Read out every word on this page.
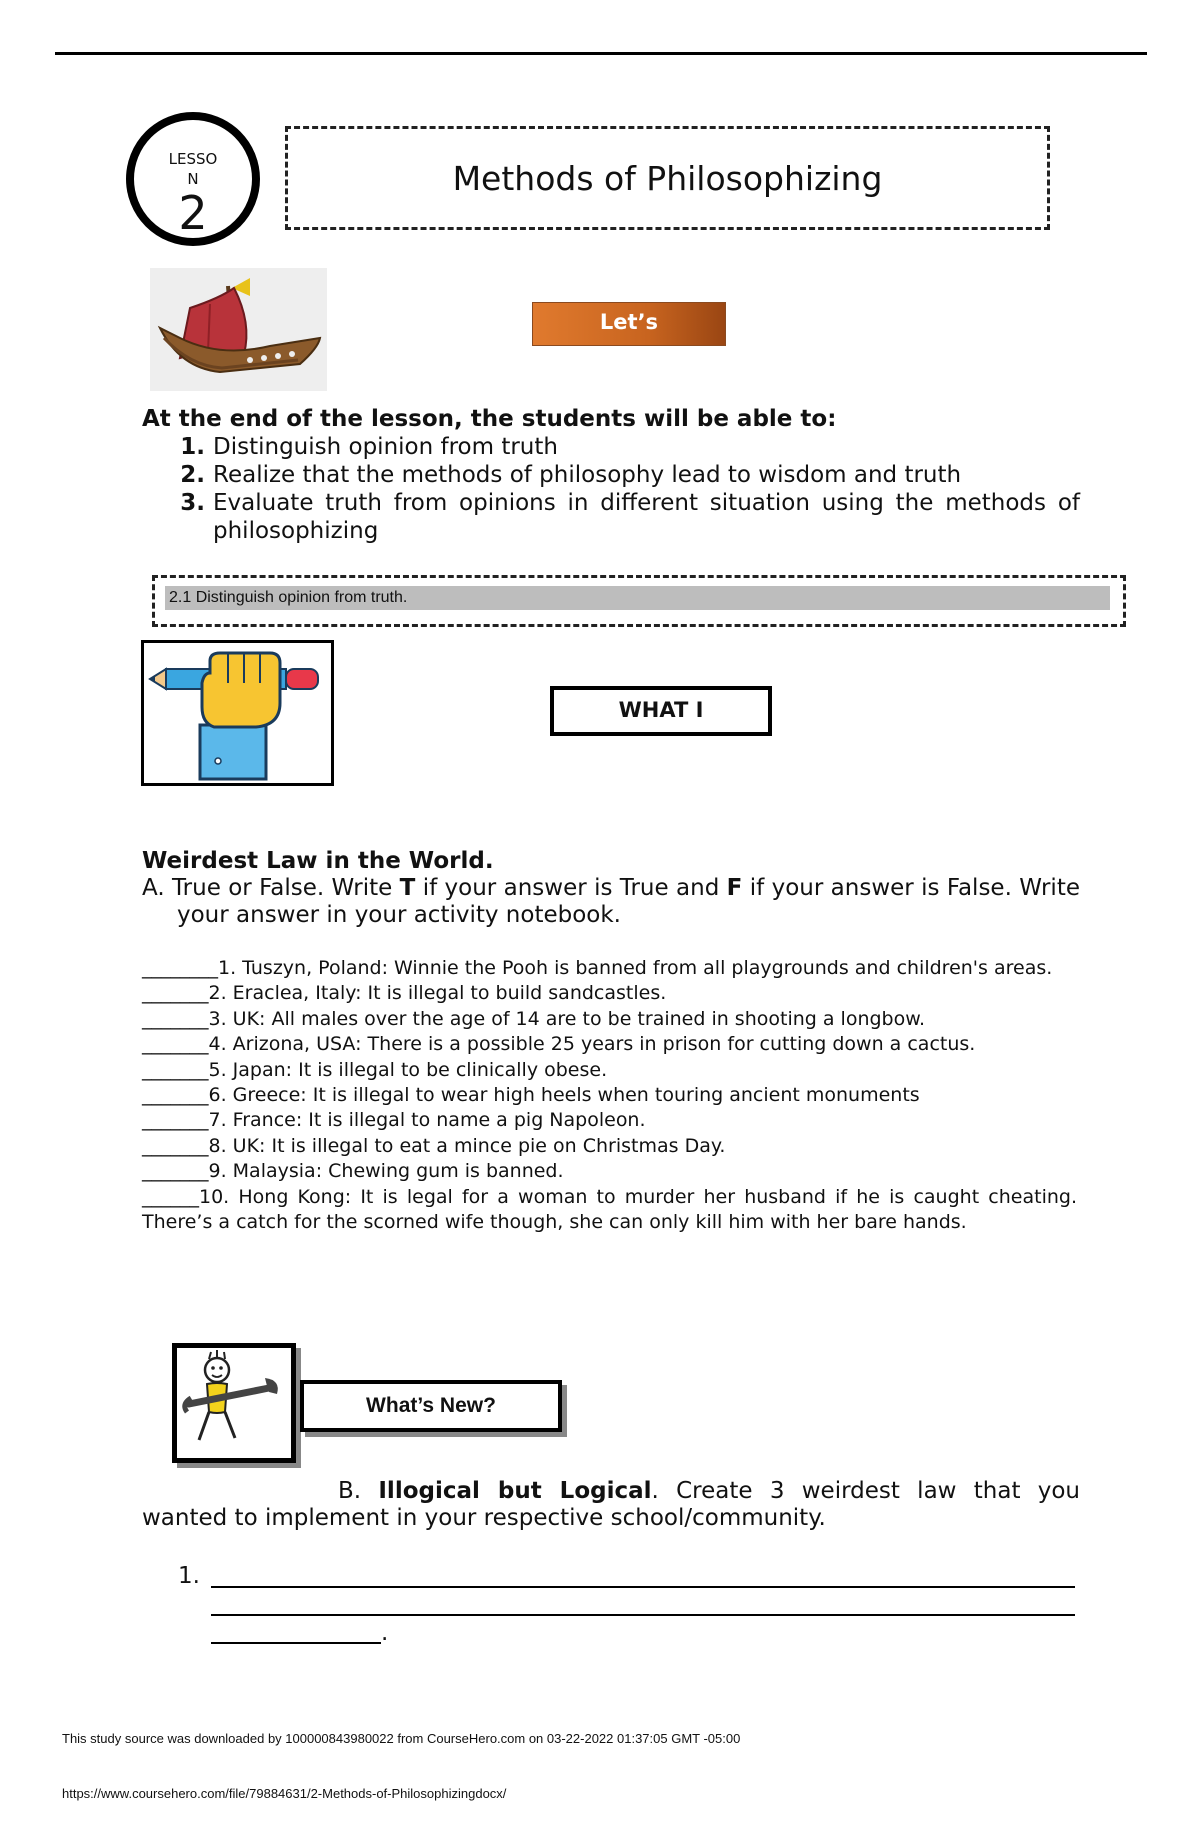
LESSO
N
2
Methods of Philosophizing
Let’s
At the end of the lesson, the students will be able to:
1. Distinguish opinion from truth
2. Realize that the methods of philosophy lead to wisdom and truth
3. Evaluate truth from opinions in different situation using the methods of philosophizing
2.1 Distinguish opinion from truth.
WHAT I
Weirdest Law in the World.
A. True or False. Write T if your answer is True and F if your answer is False. Write your answer in your activity notebook.
________1. Tuszyn, Poland: Winnie the Pooh is banned from all playgrounds and children's areas.
_______2. Eraclea, Italy: It is illegal to build sandcastles.
_______3. UK: All males over the age of 14 are to be trained in shooting a longbow.
_______4. Arizona, USA: There is a possible 25 years in prison for cutting down a cactus.
_______5. Japan: It is illegal to be clinically obese.
_______6. Greece: It is illegal to wear high heels when touring ancient monuments
_______7. France: It is illegal to name a pig Napoleon.
_______8. UK: It is illegal to eat a mince pie on Christmas Day.
_______9. Malaysia: Chewing gum is banned.
______10. Hong Kong: It is legal for a woman to murder her husband if he is caught cheating. There’s a catch for the scorned wife though, she can only kill him with her bare hands.
What’s New?
B. Illogical but Logical. Create 3 weirdest law that you wanted to implement in your respective school/community.
1.
.
This study source was downloaded by 100000843980022 from CourseHero.com on 03-22-2022 01:37:05 GMT -05:00
https://www.coursehero.com/file/79884631/2-Methods-of-Philosophizingdocx/
